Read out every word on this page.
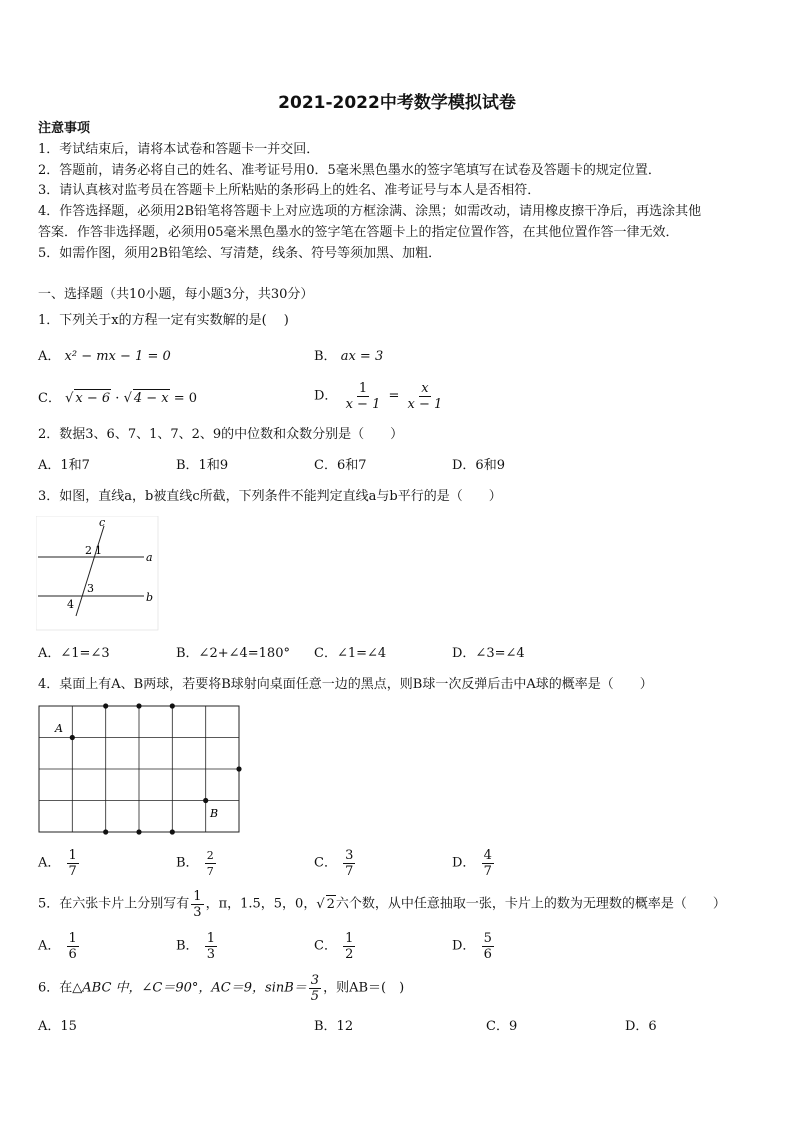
2021-2022中考数学模拟试卷
注意事项
1．考试结束后，请将本试卷和答题卡一并交回．
2．答题前，请务必将自己的姓名、准考证号用0．5毫米黑色墨水的签字笔填写在试卷及答题卡的规定位置．
3．请认真核对监考员在答题卡上所粘贴的条形码上的姓名、准考证号与本人是否相符．
4．作答选择题，必须用2B铅笔将答题卡上对应选项的方框涂满、涂黑；如需改动，请用橡皮擦干净后，再选涂其他
答案．作答非选择题，必须用05毫米黑色墨水的签字笔在答题卡上的指定位置作答，在其他位置作答一律无效．
5．如需作图，须用2B铅笔绘、写清楚，线条、符号等须加黑、加粗．
一、选择题（共10小题，每小题3分，共30分）
1．下列关于x的方程一定有实数解的是(　 )
A． x² − mx − 1 = 0	B． ax = 3
C． √ x − 6 · √ 4 − x = 0	D． $\frac{1}{x - 1} = \frac{x}{x - 1}$
2．数据3、6、7、1、7、2、9的中位数和众数分别是（　　）
A．1和7	B．1和9	C．6和7	D．6和9
3．如图，直线a，b被直线c所截，下列条件不能判定直线a与b平行的是（　　）
c
a
b
2 1
3
4
A．∠1=∠3	B．∠2+∠4=180° C．∠1=∠4	D．∠3=∠4
4．桌面上有A、B两球，若要将B球射向桌面任意一边的黑点，则B球一次反弹后击中A球的概率是（　　）
A
B
A． $\frac{1}{7}$	B． $\frac{2}{7}$	C． $\frac{3}{7}$	D． $\frac{4}{7}$
5．在六张卡片上分别写有 $\frac{1}{3}$ ，π，1.5，5，0，√ 2六个数，从中任意抽取一张，卡片上的数为无理数的概率是（　　）
A． $\frac{1}{6}$	B． $\frac{1}{3}$	C． $\frac{1}{2}$	D． $\frac{5}{6}$
6．在△ABC 中，∠C＝90°，AC＝9，$\sin B= \frac{3}{5}$ ，则AB＝(　)
A．15	B．12	C．9	D．6
